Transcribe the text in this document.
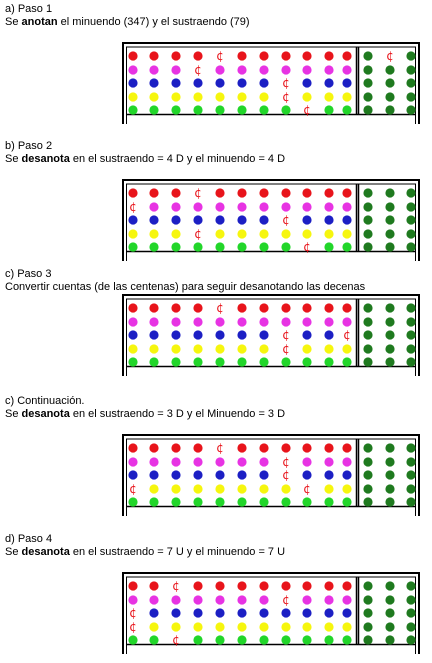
a) Paso 1
Se anotan el minuendo (347) y el sustraendo (79)
¢	¢
¢
¢
¢
¢
b) Paso 2
Se desanota en el sustraendo = 4 D y el minuendo = 4 D
¢
¢
¢
¢
¢
c) Paso 3
Convertir cuentas (de las centenas) para seguir desanotando las decenas
¢
¢	¢
¢
c) Continuación.
Se desanota en el sustraendo = 3 D y el Minuendo = 3 D
¢
¢
¢
¢	¢
d) Paso 4
Se desanota en el sustraendo = 7 U y el minuendo = 7 U
¢
¢
¢
¢
¢
